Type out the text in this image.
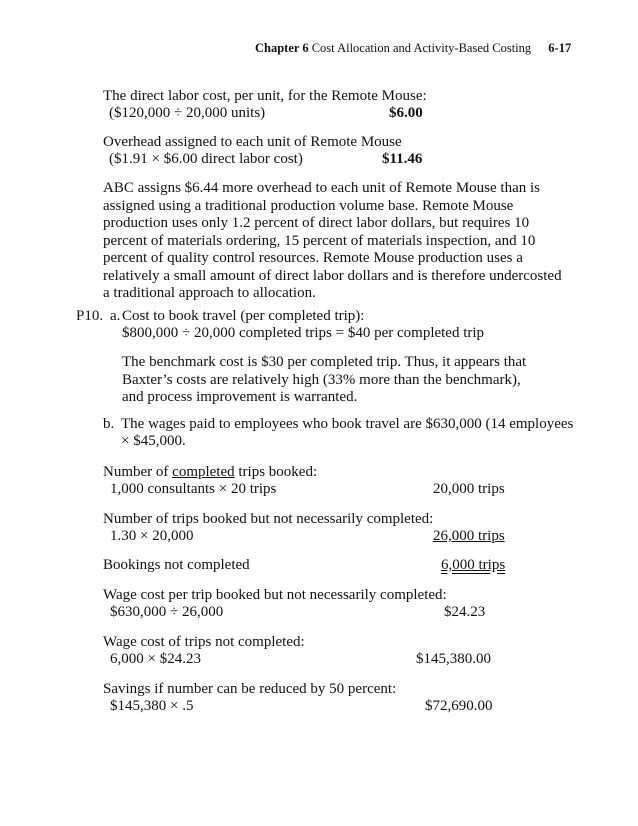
Chapter 6 Cost Allocation and Activity-Based Costing 6-17
The direct labor cost, per unit, for the Remote Mouse:
($120,000 ÷ 20,000 units)	$6.00
Overhead assigned to each unit of Remote Mouse
($1.91 × $6.00 direct labor cost)	$11.46
ABC assigns $6.44 more overhead to each unit of Remote Mouse than is assigned using a traditional production volume base. Remote Mouse production uses only 1.2 percent of direct labor dollars, but requires 10 percent of materials ordering, 15 percent of materials inspection, and 10 percent of quality control resources. Remote Mouse production uses a relatively a small amount of direct labor dollars and is therefore undercosted a traditional approach to allocation.
P10. a. Cost to book travel (per completed trip):
$800,000 ÷ 20,000 completed trips = $40 per completed trip
The benchmark cost is $30 per completed trip. Thus, it appears that Baxter’s costs are relatively high (33% more than the benchmark), and process improvement is warranted.
b. The wages paid to employees who book travel are $630,000 (14 employees
× $45,000.
Number of completed trips booked:
1,000 consultants × 20 trips	20,000 trips
Number of trips booked but not necessarily completed:
1.30 × 20,000	26,000 trips
Bookings not completed	6,000 trips
Wage cost per trip booked but not necessarily completed:
$630,000 ÷ 26,000	$24.23
Wage cost of trips not completed:
6,000 × $24.23	$145,380.00
Savings if number can be reduced by 50 percent:
$145,380 × .5	$72,690.00
